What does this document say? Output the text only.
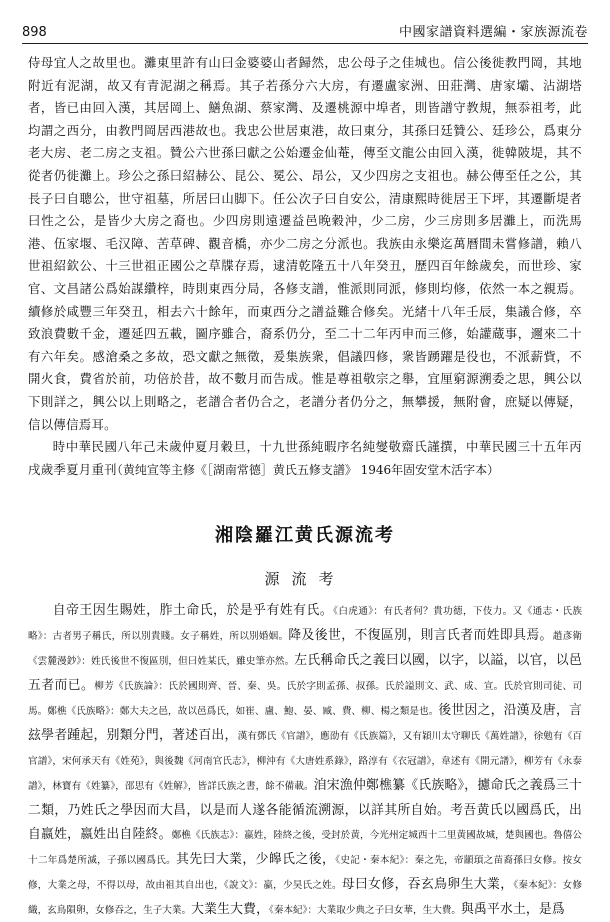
898	中國家譜資料選編・家族源流卷

侍母宜人之故里也。灘東里許有山曰金婆婆山者歸然，忠公母子之佳城也。信公後徙教門岡，其地附近有泥湖，故又有青泥湖之稱焉。其子若孫分六大房，有遷盧家洲、田莊灣、唐家壩、沾湖塔者，皆已由回入漢，其居岡上、鱔魚湖、蔡家灣、及遷桃源中埠者，則皆譜守教規，無忝祖考，此均謂之西分，由教門岡居西港故也。我忠公世居東港，故曰東分，其孫曰廷贊公、廷珍公，爲東分老大房、老二房之支祖。贊公六世孫曰獻之公始遷金仙菴，傳至文龍公由回入漢，徙韓陂堤，其不從者仍徙灘上。珍公之孫曰紹赫公、昆公、冕公、昂公，又少四房之支祖也。赫公傳至任之公，其長子曰自聰公，世守祖墓，所居曰山脚下。任公次子曰自安公，清康熙時徙居王下坪，其遷斷堤者曰性之公，是皆少大房之裔也。少四房則遠遷益邑晚穀沖，少二房，少三房則多居灘上，而洗馬港、伍家堰、毛汉障、苦草碑、觀音橋，亦少二房之分派也。我族由永樂迄萬曆間未嘗修譜，賴八世祖紹欽公、十三世祖正國公之草牒存焉，逮清乾隆五十八年癸丑，歷四百年餘歲矣，而世珍、家官、文昌諸公爲始謀纘梓，時則東西分局，各修支譜，惟派則同派，修則均修，依然一本之親焉。續修於咸豐三年癸丑，相去六十餘年，而東西分之譜益難合修矣。光緒十八年壬辰，集議合修，卒致浪費數千金，遷延四五載，圖序雖合，裔系仍分，至二十二年丙申而三修，始讙蔵事，邇來二十有六年矣。感滄桑之多故，恐文獻之無徵，爰集族衆，倡議四修，衆皆踴躍是役也，不派薪貲，不開火食，費省於前，功倍於昔，故不數月而告成。惟是尊祖敬宗之舉，宜厘窮源溯委之思，興公以下則詳之，興公以上則略之，老譜合者仍合之，老譜分者仍分之，無攀援，無附會，庶疑以傳疑，信以傳信焉耳。

時中華民國八年己未歲仲夏月穀旦，十九世孫純暇序名純燮敬齋氏謹撰，中華民國三十五年丙戌歲季夏月重刊

（黄纯宣等主修《［湖南常德］黄氏五修支譜》 1946年固安堂木活字本）
湘陰羅江黄氏源流考
源流考

自帝王因生賜姓，胙土命氏，於是乎有姓有氏。《白虎通》：有氏者何？貴功德，下伎力。又《通志・氏族略》：古者男子稱氏，所以別貴賤。女子稱姓，所以別婚姻。降及後世，不復區別，則言氏者而姓即具焉。趙彥衛《雲麓漫鈔》：姓氏後世不復區別，但曰姓某氏，雖史筆亦然。左氏稱命氏之義曰以國，以字，以謚，以官，以邑五者而已。柳芳《氏族論》：氏於國則齊、晉、秦、吳。氏於字則孟孫、叔孫。氏於謚則文、武、成、宣。氏於官則司徒、司馬。鄭樵《氏族略》：鄭大夫之邑，故以邑爲氏，如崔、盧、鮑、晏、臧、費、柳、楊之類是也。後世因之，沿漢及唐，言玆學者踵起，别類分門，著述百出，漢有鄧氏《官譜》，應劭有《氏族篇》，又有穎川太守聊氏《萬姓譜》，徐勉有《百官譜》，宋何承天有《姓苑》，與後魏《河南官氏志》，柳沖有《大唐姓系錄》，路淳有《衣冠譜》，韋述有《開元譜》，柳芳有《永泰譜》，林寶有《姓纂》，邵思有《姓解》，皆詳氏族之書，餘不備載。洎宋漁仲鄭樵纂《氏族略》，攄命氏之義爲三十二類，乃姓氏之學因而大昌，以是而人遂各能循流溯源，以詳其所自始。考吾黄氏以國爲氏，出自嬴姓，嬴姓出自陸終。鄭樵《氏族志》：嬴姓，陸終之後，受封於黄，今光州定城西十二里黄國故城，楚與國也。魯僖公十二年爲楚所滅，子孫以國爲氏。其先曰大業，少皞氏之後，《史記・秦本紀》：秦之先，帝顓頊之苗裔孫曰女修。按女修，大業之母，不得以母，故由祖其自出也，《說文》：嬴，少昊氏之姓。母曰女修，吞玄鳥卵生大業，《秦本紀》：女修織，玄鳥隕卵，女修吞之，生子大業。大業生大費，《秦本紀》：大業取少典之子曰女華，生大費。與禹平水土，是爲
